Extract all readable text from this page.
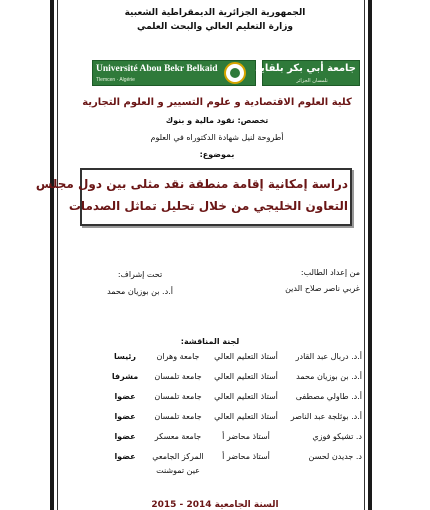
الجمهورية الجزائرية الديمقراطية الشعبية
وزارة التعليم العالي والبحث العلمي
Université Abou Bekr Belkaid
Tlemcen · Algérie
جامعة أبي بكر بلقايد
تلمسان الجزائر
كلية العلوم الاقتصادية و علوم التسيير و العلوم التجارية
تخصص: نقود مالية و بنوك
أطروحة لنيل شهادة الدكتوراه في العلوم
بموضوع:
دراسة إمكانية إقامة منطقة نقد مثلى بين دول مجلس
التعاون الخليجي من خلال تحليل تماثل الصدمات
من إعداد الطالب:
غربي ناصر صلاح الدين
تحت إشراف:
أ.د. بن بوزيان محمد
لجنة المناقشة:
أ.د. دربال عبد القادر
أستاذ التعليم العالي
جامعة وهران
رئيسا
أ.د. بن بوزيان محمد
أستاذ التعليم العالي
جامعة تلمسان
مشرفا
أ.د. طاولي مصطفى
أستاذ التعليم العالي
جامعة تلمسان
عضوا
أ.د. بوثلجة عبد الناصر
أستاذ التعليم العالي
جامعة تلمسان
عضوا
د. تشيكو فوزي
أستاذ محاضر أ
جامعة معسكر
عضوا
د. جديدن لحسن
أستاذ محاضر أ
المركز الجامعي
عضوا
عين تموشنت
السنة الجامعية 2014 - 2015
